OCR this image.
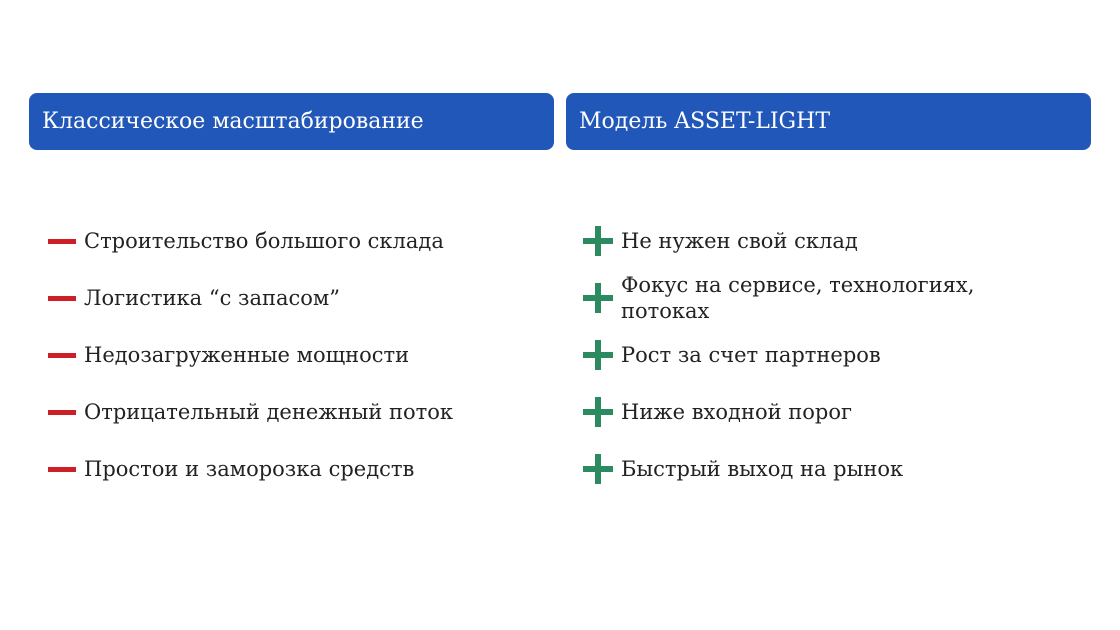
Классическое масштабирование
Строительство большого склада
Логистика “с запасом”
Недозагруженные мощности
Отрицательный денежный поток
Простои и заморозка средств
Модель ASSET-LIGHT
Не нужен свой склад
Фокус на сервисе, технологиях, потоках
Рост за счет партнеров
Ниже входной порог
Быстрый выход на рынок
